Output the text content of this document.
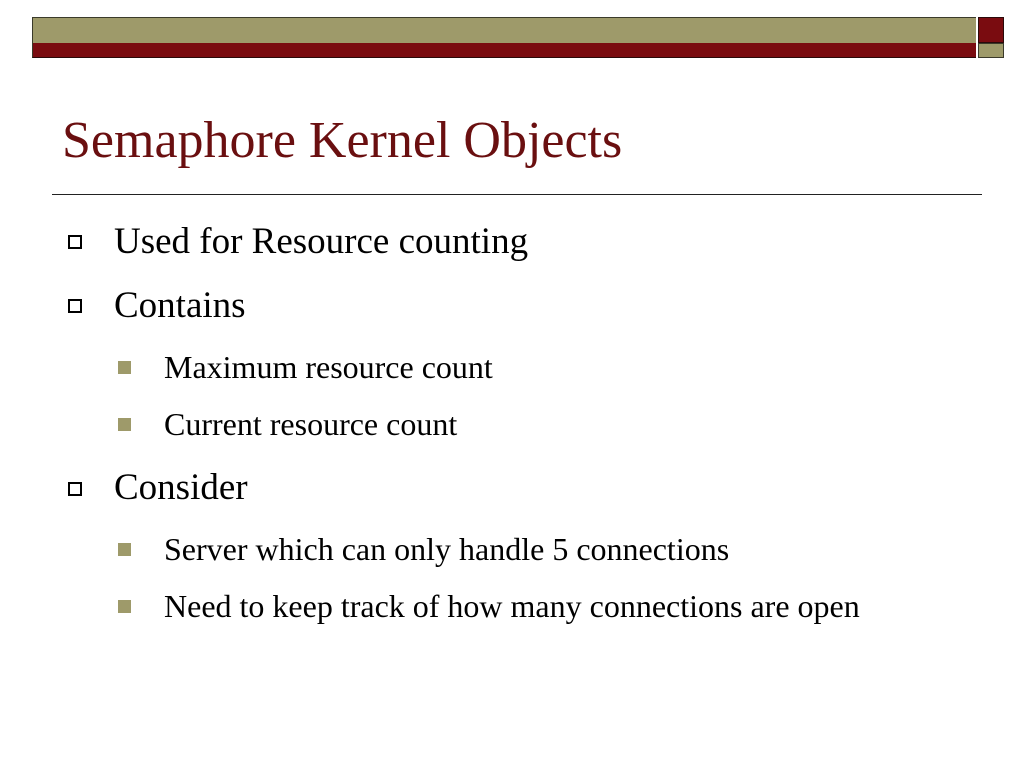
Semaphore Kernel Objects
Used for Resource counting
Contains
Maximum resource count
Current resource count
Consider
Server which can only handle 5 connections
Need to keep track of how many connections are open
